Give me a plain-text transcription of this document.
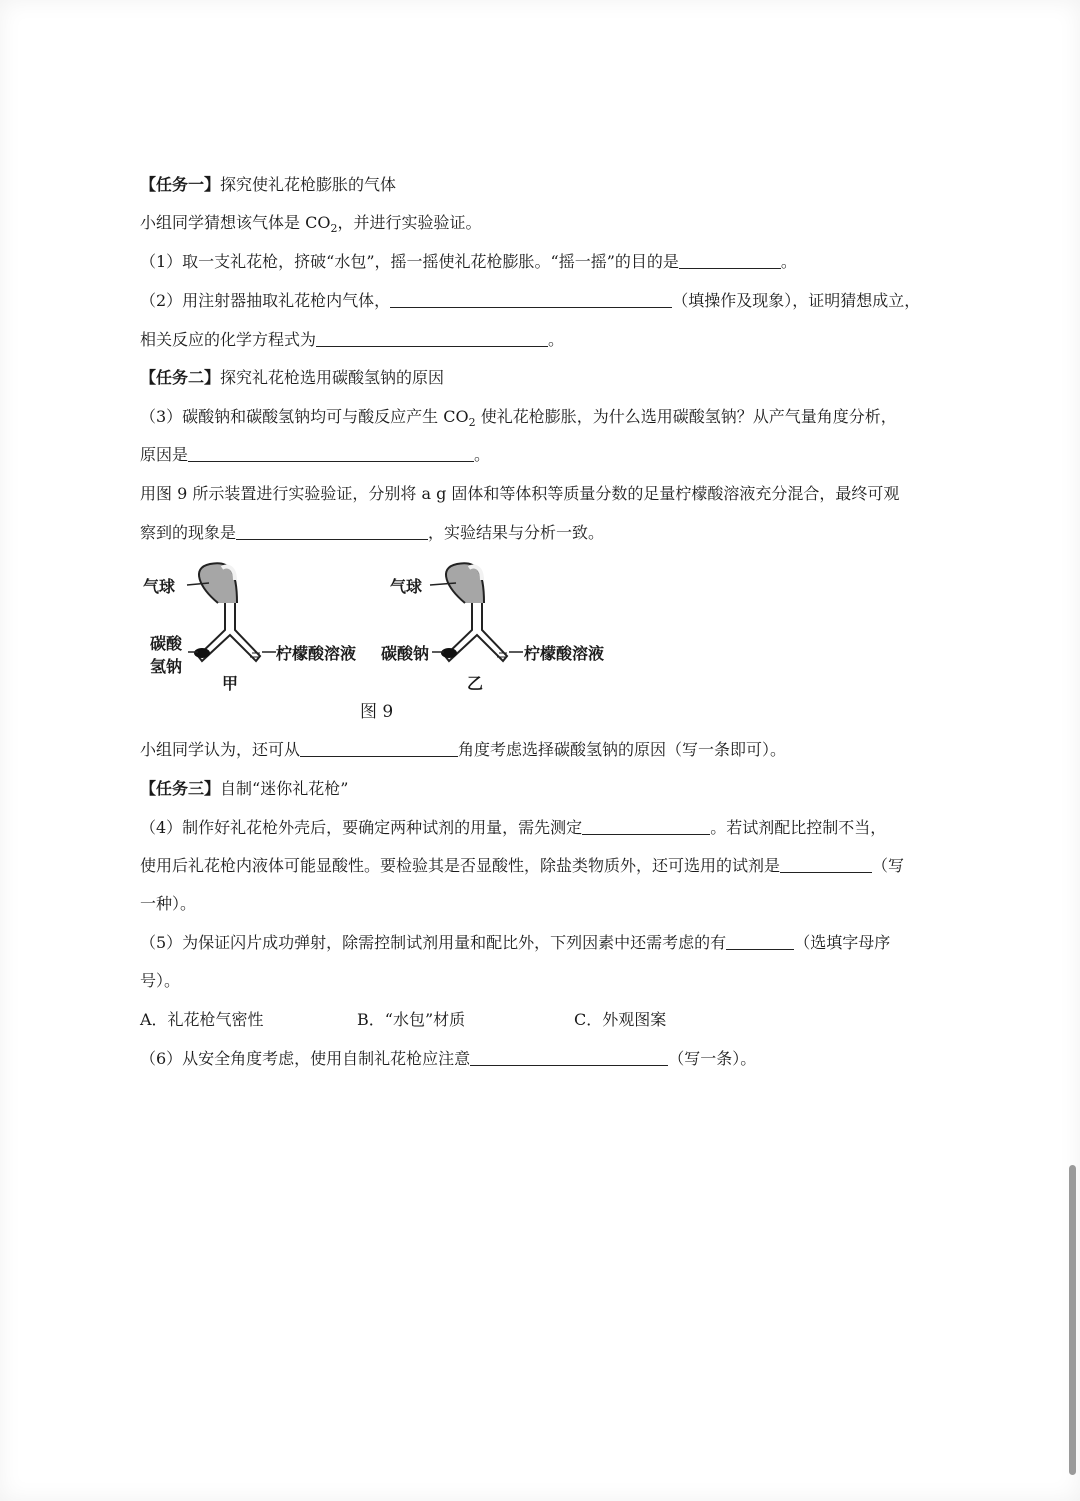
【任务一】探究使礼花枪膨胀的气体
小组同学猜想该气体是 $CO_2$，并进行实验验证。
（1）取一支礼花枪，挤破“水包”，摇一摇使礼花枪膨胀。“摇一摇”的目的是	。
（2）用注射器抽取礼花枪内气体，	（填操作及现象），证明猜想成立，
相关反应的化学方程式为	。
【任务二】探究礼花枪选用碳酸氢钠的原因
（3）碳酸钠和碳酸氢钠均可与酸反应产生 $CO_2$ 使礼花枪膨胀，为什么选用碳酸氢钠？从产气量角度分析，
原因是	。
用图 9 所示装置进行实验验证，分别将 a g 固体和等体积等质量分数的足量柠檬酸溶液充分混合，最终可观
察到的现象是	，实验结果与分析一致。
气球
碳酸
氢钠
柠檬酸溶液
甲
气球
碳酸钠	柠檬酸溶液
乙
图 9
小组同学认为，还可从	角度考虑选择碳酸氢钠的原因（写一条即可）。
【任务三】自制“迷你礼花枪”
（4）制作好礼花枪外壳后，要确定两种试剂的用量，需先测定	。若试剂配比控制不当，
使用后礼花枪内液体可能显酸性。要检验其是否显酸性，除盐类物质外，还可选用的试剂是	（写
一种）。
（5）为保证闪片成功弹射，除需控制试剂用量和配比外，下列因素中还需考虑的有	（选填字母序
号）。
A．礼花枪气密性	B．“水包”材质	C．外观图案
（6）从安全角度考虑，使用自制礼花枪应注意	（写一条）。
